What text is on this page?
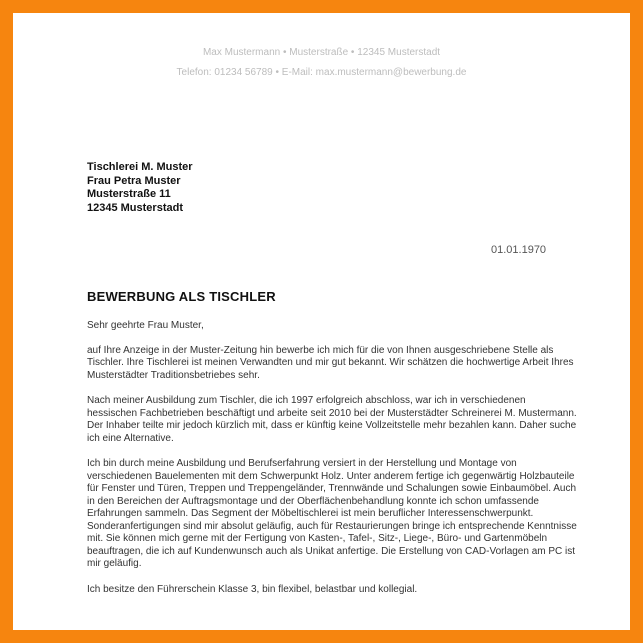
Max Mustermann • Musterstraße • 12345 Musterstadt
Telefon: 01234 56789 • E-Mail: max.mustermann@bewerbung.de
Tischlerei M. Muster
Frau Petra Muster
Musterstraße 11
12345 Musterstadt
01.01.1970
BEWERBUNG ALS TISCHLER

Sehr geehrte Frau Muster,

auf Ihre Anzeige in der Muster-Zeitung hin bewerbe ich mich für die von Ihnen ausgeschriebene Stelle als Tischler. Ihre Tischlerei ist meinen Verwandten und mir gut bekannt. Wir schätzen die hochwertige Arbeit Ihres Musterstädter Traditionsbetriebes sehr.

Nach meiner Ausbildung zum Tischler, die ich 1997 erfolgreich abschloss, war ich in verschiedenen hessischen Fachbetrieben beschäftigt und arbeite seit 2010 bei der Musterstädter Schreinerei M. Mustermann. Der Inhaber teilte mir jedoch kürzlich mit, dass er künftig keine Vollzeitstelle mehr bezahlen kann. Daher suche ich eine Alternative.

Ich bin durch meine Ausbildung und Berufserfahrung versiert in der Herstellung und Montage von verschiedenen Bauelementen mit dem Schwerpunkt Holz. Unter anderem fertige ich gegenwärtig Holzbauteile für Fenster und Türen, Treppen und Treppengeländer, Trennwände und Schalungen sowie Einbaumöbel. Auch in den Bereichen der Auftragsmontage und der Oberflächenbehandlung konnte ich schon umfassende Erfahrungen sammeln. Das Segment der Möbeltischlerei ist mein beruflicher Interessenschwerpunkt. Sonderanfertigungen sind mir absolut geläufig, auch für Restaurierungen bringe ich entsprechende Kenntnisse mit. Sie können mich gerne mit der Fertigung von Kasten-, Tafel-, Sitz-, Liege-, Büro- und Gartenmöbeln beauftragen, die ich auf Kundenwunsch auch als Unikat anfertige. Die Erstellung von CAD-Vorlagen am PC ist mir geläufig.

Ich besitze den Führerschein Klasse 3, bin flexibel, belastbar und kollegial.
